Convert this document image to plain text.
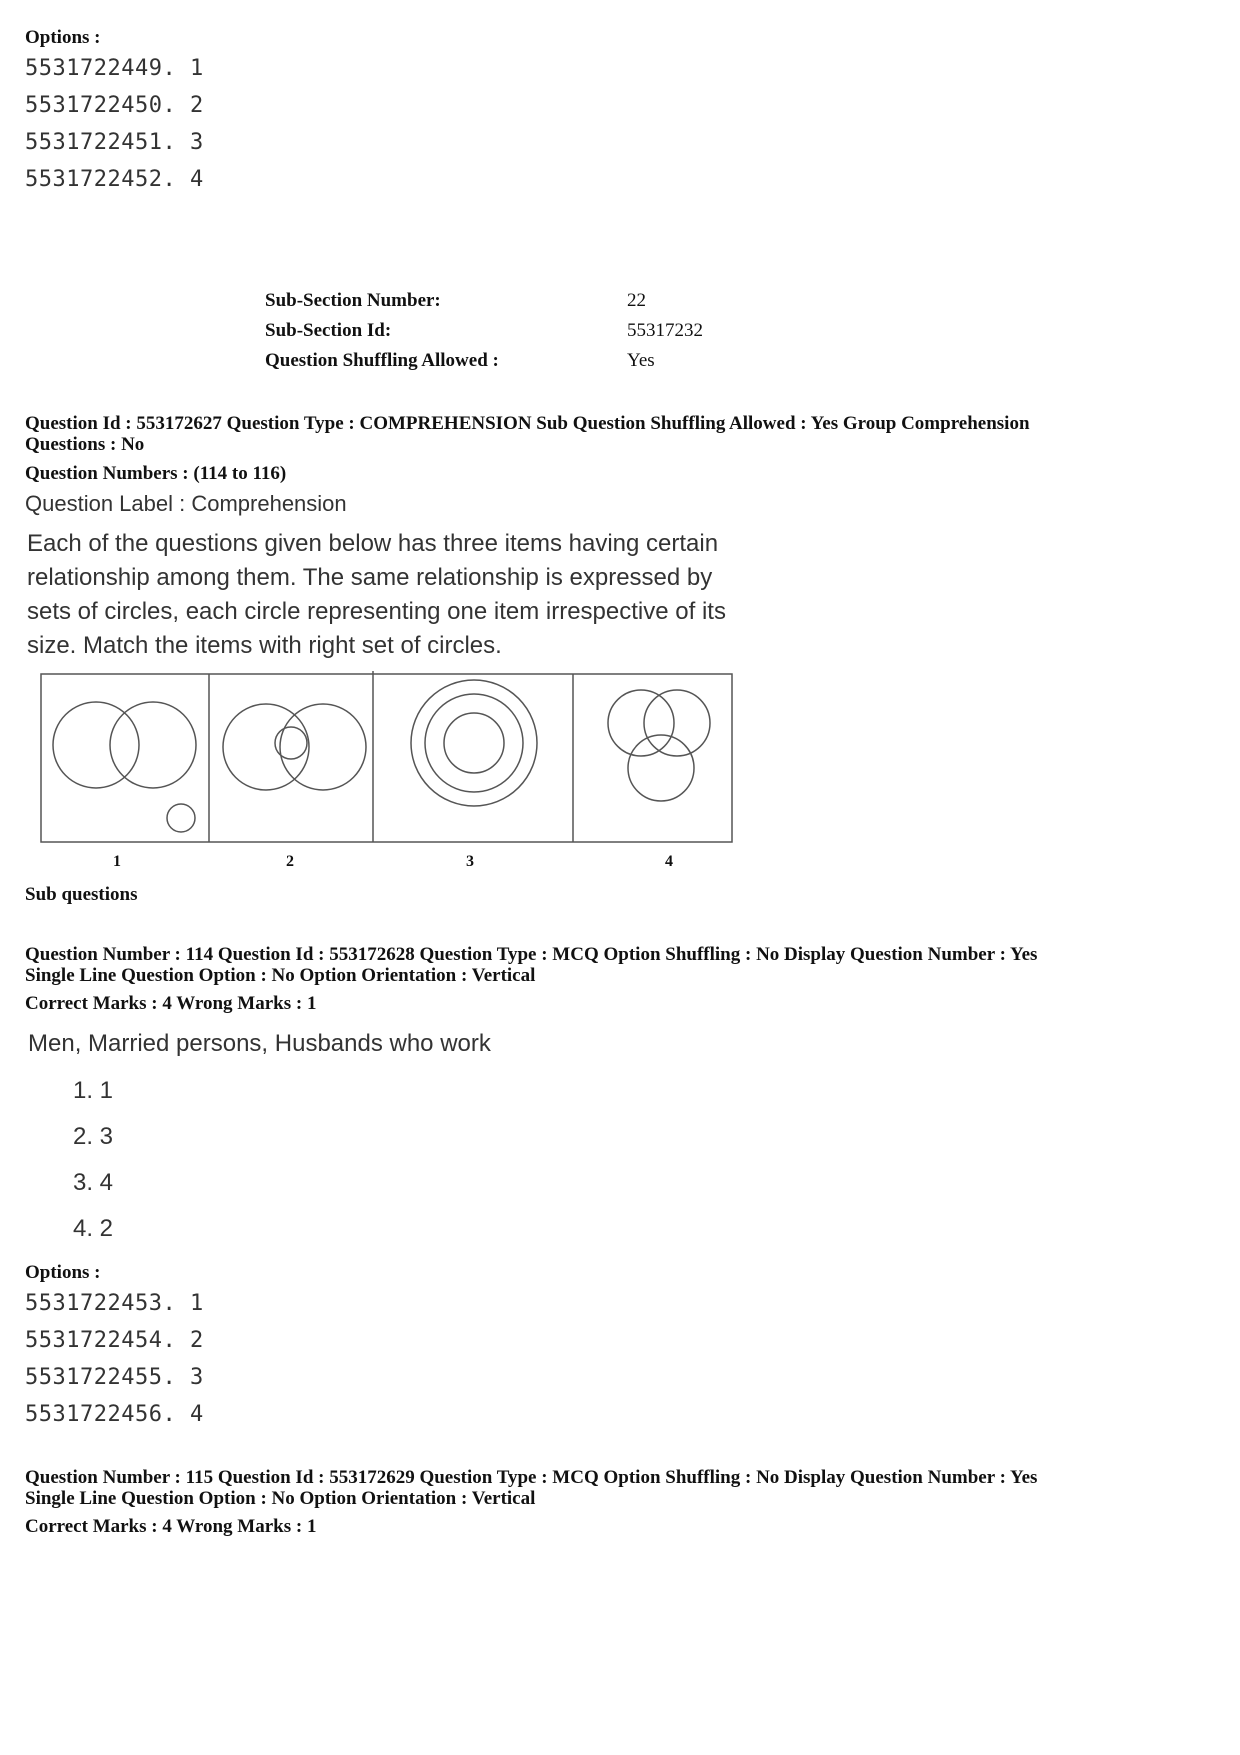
Options :
5531722449. 1
5531722450. 2
5531722451. 3
5531722452. 4
Sub-Section Number:	22
Sub-Section Id:	55317232
Question Shuffling Allowed :	Yes
Question Id : 553172627 Question Type : COMPREHENSION Sub Question Shuffling Allowed : Yes Group Comprehension
Questions : No
Question Numbers : (114 to 116)
Question Label : Comprehension
Each of the questions given below has three items having certain
relationship among them. The same relationship is expressed by
sets of circles, each circle representing one item irrespective of its
size. Match the items with right set of circles.
1	2	3	4
Sub questions
Question Number : 114 Question Id : 553172628 Question Type : MCQ Option Shuffling : No Display Question Number : Yes
Single Line Question Option : No Option Orientation : Vertical
Correct Marks : 4 Wrong Marks : 1
Men, Married persons, Husbands who work
1. 1
2. 3
3. 4
4. 2
Options :
5531722453. 1
5531722454. 2
5531722455. 3
5531722456. 4
Question Number : 115 Question Id : 553172629 Question Type : MCQ Option Shuffling : No Display Question Number : Yes
Single Line Question Option : No Option Orientation : Vertical
Correct Marks : 4 Wrong Marks : 1
